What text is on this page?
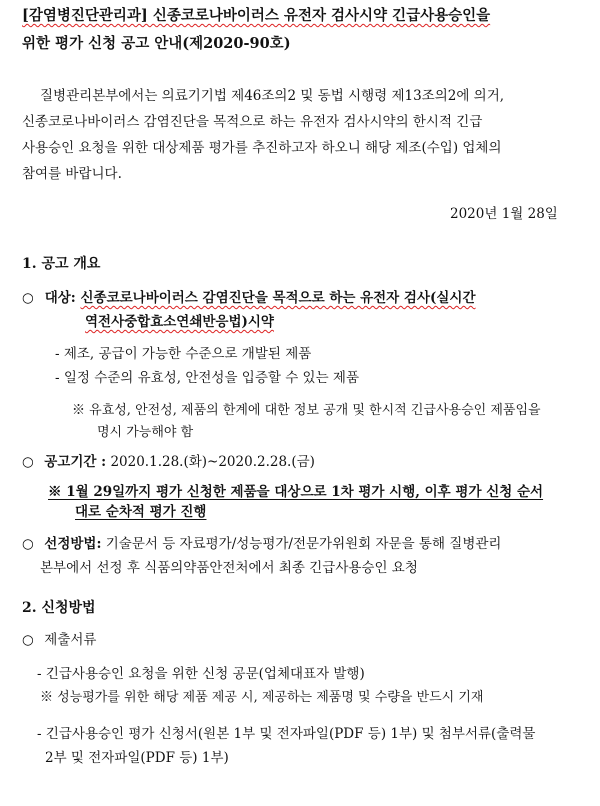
[감염병진단관리과] 신종코로나바이러스 유전자 검사시약 긴급사용승인을
위한 평가 신청 공고 안내(제2020-90호)
질병관리본부에서는 의료기기법 제46조의2 및 동법 시행령 제13조의2에 의거,
신종코로나바이러스 감염진단을 목적으로 하는 유전자 검사시약의 한시적 긴급
사용승인 요청을 위한 대상제품 평가를 추진하고자 하오니 해당 제조(수입) 업체의
참여를 바랍니다.
2020년 1월 28일
1. 공고 개요
○ 대상: 신종코로나바이러스 감염진단을 목적으로 하는 유전자 검사(실시간
역전사중합효소연쇄반응법)시약
- 제조, 공급이 가능한 수준으로 개발된 제품
- 일정 수준의 유효성, 안전성을 입증할 수 있는 제품
※ 유효성, 안전성, 제품의 한계에 대한 정보 공개 및 한시적 긴급사용승인 제품임을
명시 가능해야 함
○ 공고기간 : 2020.1.28.(화)~2020.2.28.(금)
※ 1월 29일까지 평가 신청한 제품을 대상으로 1차 평가 시행, 이후 평가 신청 순서
대로 순차적 평가 진행
○ 선정방법: 기술문서 등 자료평가/성능평가/전문가위원회 자문을 통해 질병관리
본부에서 선정 후 식품의약품안전처에서 최종 긴급사용승인 요청
2. 신청방법
○ 제출서류
- 긴급사용승인 요청을 위한 신청 공문(업체대표자 발행)
※ 성능평가를 위한 해당 제품 제공 시, 제공하는 제품명 및 수량을 반드시 기재
- 긴급사용승인 평가 신청서(원본 1부 및 전자파일(PDF 등) 1부) 및 첨부서류(출력물
2부 및 전자파일(PDF 등) 1부)
